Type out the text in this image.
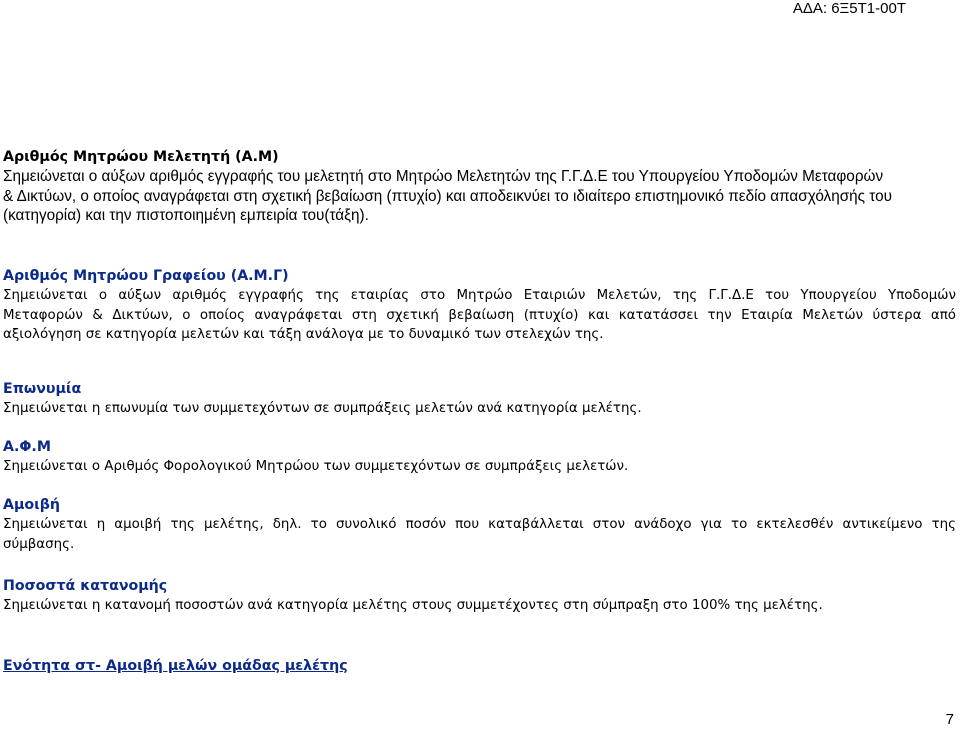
ΑΔΑ: 6Ξ5Τ1-00Τ

Αριθμός Μητρώου Μελετητή (Α.Μ)

Σημειώνεται ο αύξων αριθμός εγγραφής του μελετητή στο Μητρώο Μελετητών της Γ.Γ.Δ.Ε του Υπουργείου Υποδομών Μεταφορών

& Δικτύων, ο οποίος αναγράφεται στη σχετική βεβαίωση (πτυχίο) και αποδεικνύει το ιδιαίτερο επιστημονικό πεδίο απασχόλησής του

(κατηγορία) και την πιστοποιημένη εμπειρία του(τάξη).

Αριθμός Μητρώου Γραφείου (Α.Μ.Γ)

Σημειώνεται ο αύξων αριθμός εγγραφής της εταιρίας στο Μητρώο Εταιριών Μελετών, της Γ.Γ.Δ.Ε του Υπουργείου Υποδομών

Μεταφορών & Δικτύων, ο οποίος αναγράφεται στη σχετική βεβαίωση (πτυχίο) και κατατάσσει την Εταιρία Μελετών ύστερα από

αξιολόγηση σε κατηγορία μελετών και τάξη ανάλογα με το δυναμικό των στελεχών της.

Επωνυμία

Σημειώνεται η επωνυμία των συμμετεχόντων σε συμπράξεις μελετών ανά κατηγορία μελέτης.

Α.Φ.Μ

Σημειώνεται ο Αριθμός Φορολογικού Μητρώου των συμμετεχόντων σε συμπράξεις μελετών.

Αμοιβή

Σημειώνεται η αμοιβή της μελέτης, δηλ. το συνολικό ποσόν που καταβάλλεται στον ανάδοχο για το εκτελεσθέν αντικείμενο της

σύμβασης.

Ποσοστά κατανομής

Σημειώνεται η κατανομή ποσοστών ανά κατηγορία μελέτης στους συμμετέχοντες στη σύμπραξη στο 100% της μελέτης.

Ενότητα στ- Αμοιβή μελών ομάδας μελέτης

7
